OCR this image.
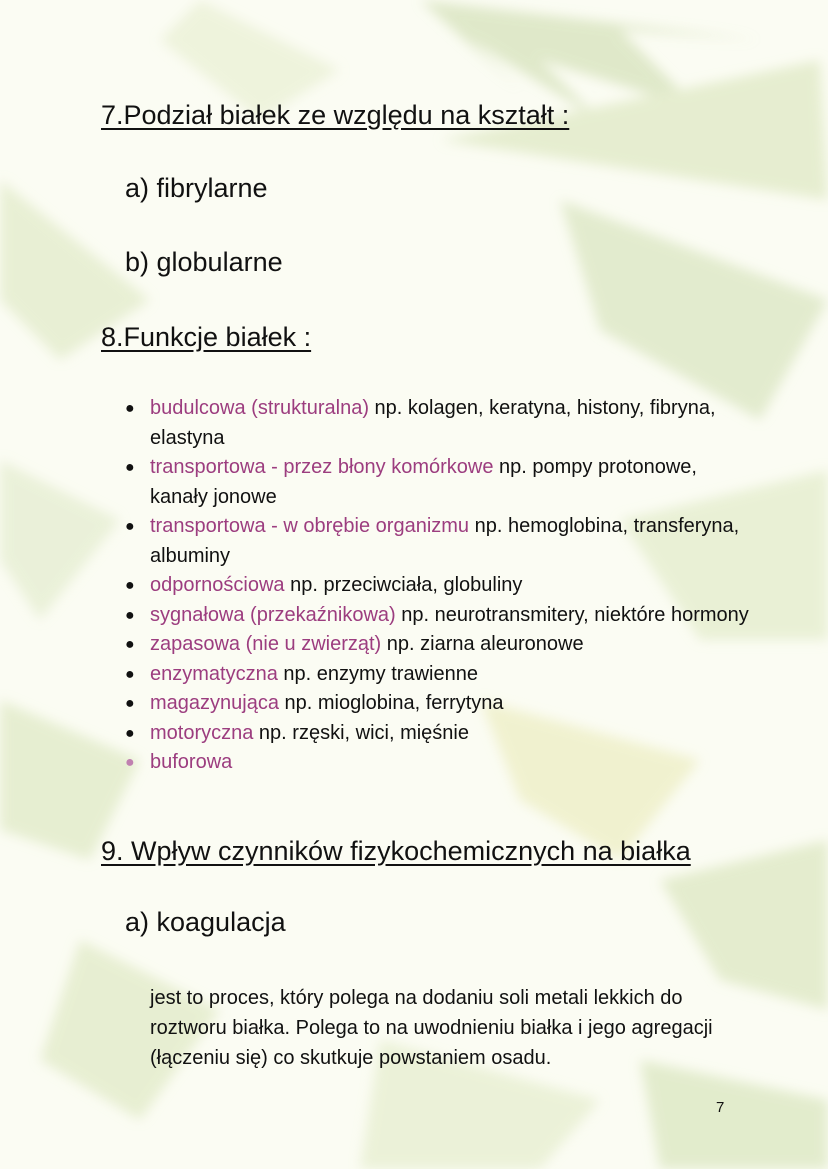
7.Podział białek ze względu na kształt :

a) fibrylarne

b) globularne

8.Funkcje białek :
● budulcowa (strukturalna) np. kolagen, keratyna, histony, fibryna, elastyna
● transportowa - przez błony komórkowe np. pompy protonowe, kanały jonowe
● transportowa - w obrębie organizmu np. hemoglobina, transferyna, albuminy
● odpornościowa np. przeciwciała, globuliny
● sygnałowa (przekaźnikowa) np. neurotransmitery, niektóre hormony
● zapasowa (nie u zwierząt) np. ziarna aleuronowe
● enzymatyczna np. enzymy trawienne
● magazynująca np. mioglobina, ferrytyna
● motoryczna np. rzęski, wici, mięśnie
● buforowa
9. Wpływ czynników fizykochemicznych na białka

a) koagulacja

jest to proces, który polega na dodaniu soli metali lekkich do roztworu białka. Polega to na uwodnieniu białka i jego agregacji (łączeniu się) co skutkuje powstaniem osadu.

7
